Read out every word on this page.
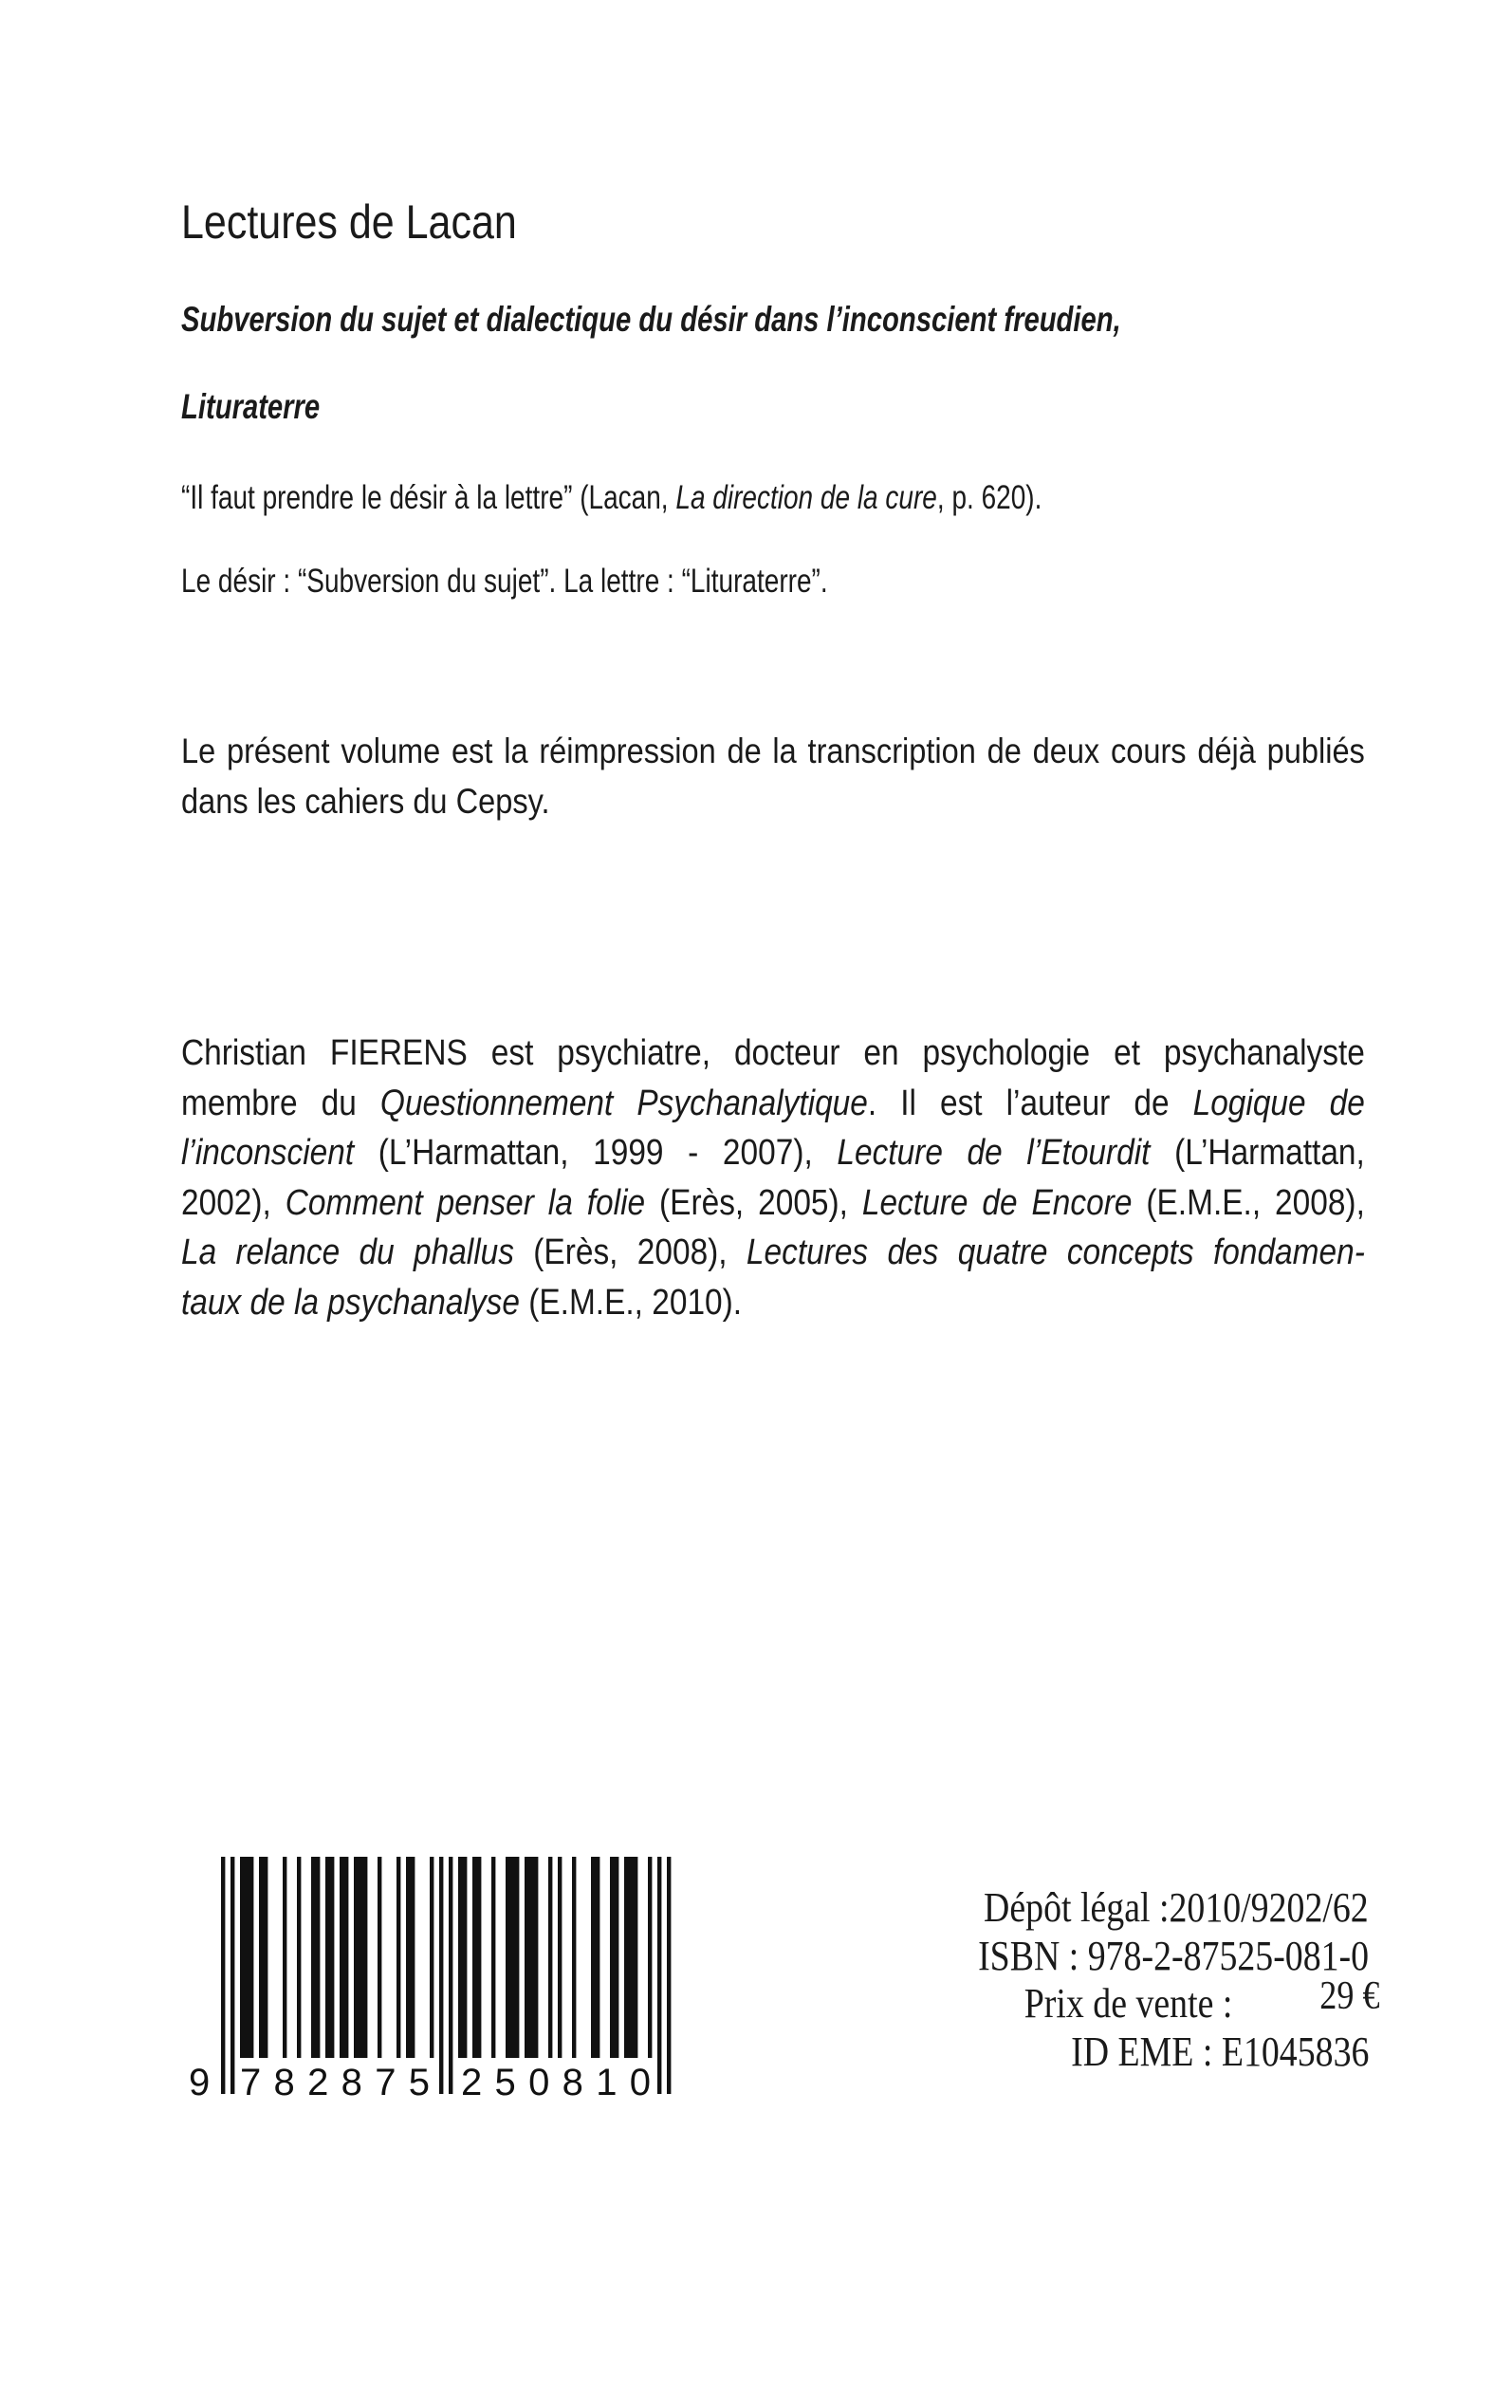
Lectures de Lacan
Subversion du sujet et dialectique du désir dans l’inconscient freudien,
Lituraterre
“Il faut prendre le désir à la lettre” (Lacan, La direction de la cure, p. 620).
Le désir : “Subversion du sujet”. La lettre : “Lituraterre”.
Le présent volume est la réimpression de la transcription de deux cours déjà publiés
dans les cahiers du Cepsy.
Christian FIERENS est psychiatre, docteur en psychologie et psychanalyste
membre du Questionnement Psychanalytique. Il est l’auteur de Logique de
l’inconscient (L’Harmattan, 1999 - 2007), Lecture de l’Etourdit (L’Harmattan,
2002), Comment penser la folie (Erès, 2005), Lecture de Encore (E.M.E., 2008),
La relance du phallus (Erès, 2008), Lectures des quatre concepts fondamen-
taux de la psychanalyse (E.M.E., 2010).
9 782875 250810
Dépôt légal :2010/9202/62
ISBN : 978-2-87525-081-0
Prix de vente : 29 €
ID EME : E1045836
